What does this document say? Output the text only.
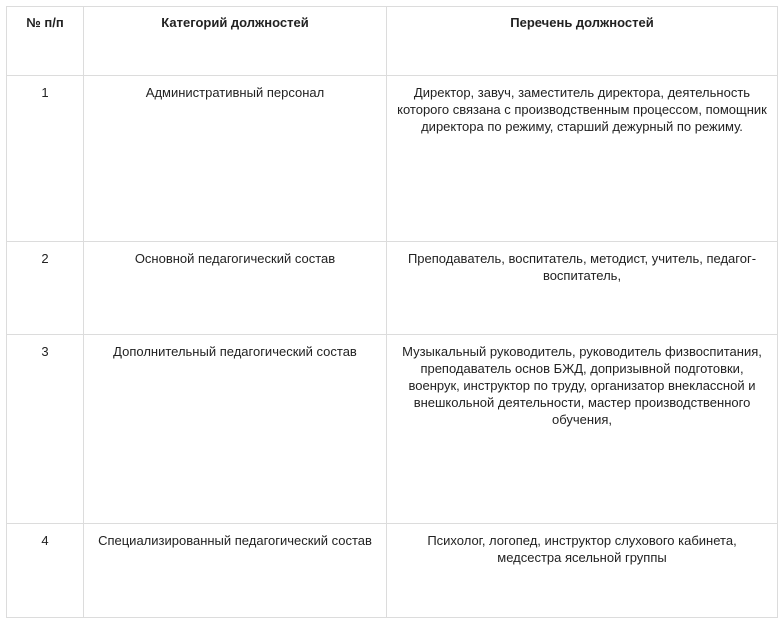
№ п/п	Категорий должностей	Перечень должностей
1	Административный персонал	Директор, завуч, заместитель директора, деятельность которого связана с производственным процессом, помощник директора по режиму, старший дежурный по режиму.
2	Основной педагогический состав	Преподаватель, воспитатель, методист, учитель, педагог-воспитатель,
3	Дополнительный педагогический состав	Музыкальный руководитель, руководитель физвоспитания, преподаватель основ БЖД, допризывной подготовки, военрук, инструктор по труду, организатор внеклассной и внешкольной деятельности, мастер производственного обучения,
4	Специализированный педагогический состав	Психолог, логопед, инструктор слухового кабинета, медсестра ясельной группы
